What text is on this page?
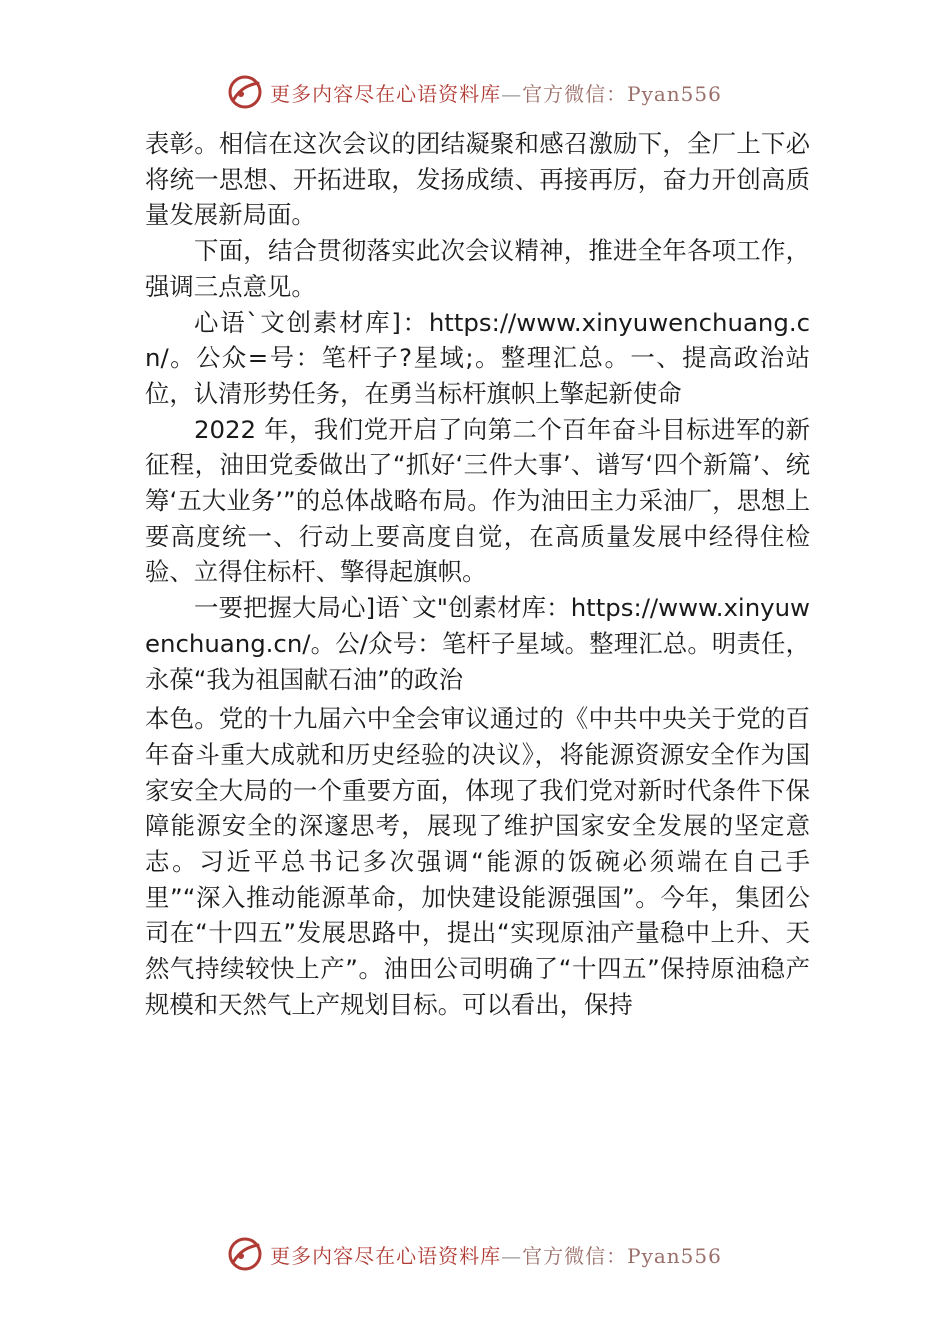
更多内容尽在心语资料库—官方微信：Pyan556

表彰。相信在这次会议的团结凝聚和感召激励下，全厂上下必将统一思想、开拓进取，发扬成绩、再接再厉，奋力开创高质量发展新局面。

下面，结合贯彻落实此次会议精神，推进全年各项工作，强调三点意见。

心语`文创素材库]：https://www.xinyuwenchuang.cn/。公众=号：笔杆子?星域;。整理汇总。一、提高政治站位，认清形势任务，在勇当标杆旗帜上擎起新使命

2022 年，我们党开启了向第二个百年奋斗目标进军的新征程，油田党委做出了“抓好‘三件大事’、谱写‘四个新篇’、统筹‘五大业务’”的总体战略布局。作为油田主力采油厂，思想上要高度统一、行动上要高度自觉，在高质量发展中经得住检验、立得住标杆、擎得起旗帜。

一要把握大局心]语`文"创素材库：https://www.xinyuwenchuang.cn/。公/众号：笔杆子星域。整理汇总。明责任，永葆“我为祖国献石油”的政治

本色。党的十九届六中全会审议通过的《中共中央关于党的百年奋斗重大成就和历史经验的决议》，将能源资源安全作为国家安全大局的一个重要方面，体现了我们党对新时代条件下保障能源安全的深邃思考，展现了维护国家安全发展的坚定意志。习近平总书记多次强调“能源的饭碗必须端在自己手里”“深入推动能源革命，加快建设能源强国”。今年，集团公司在“十四五”发展思路中，提出“实现原油产量稳中上升、天然气持续较快上产”。油田公司明确了“十四五”保持原油稳产规模和天然气上产规划目标。可以看出，保持

更多内容尽在心语资料库—官方微信：Pyan556
